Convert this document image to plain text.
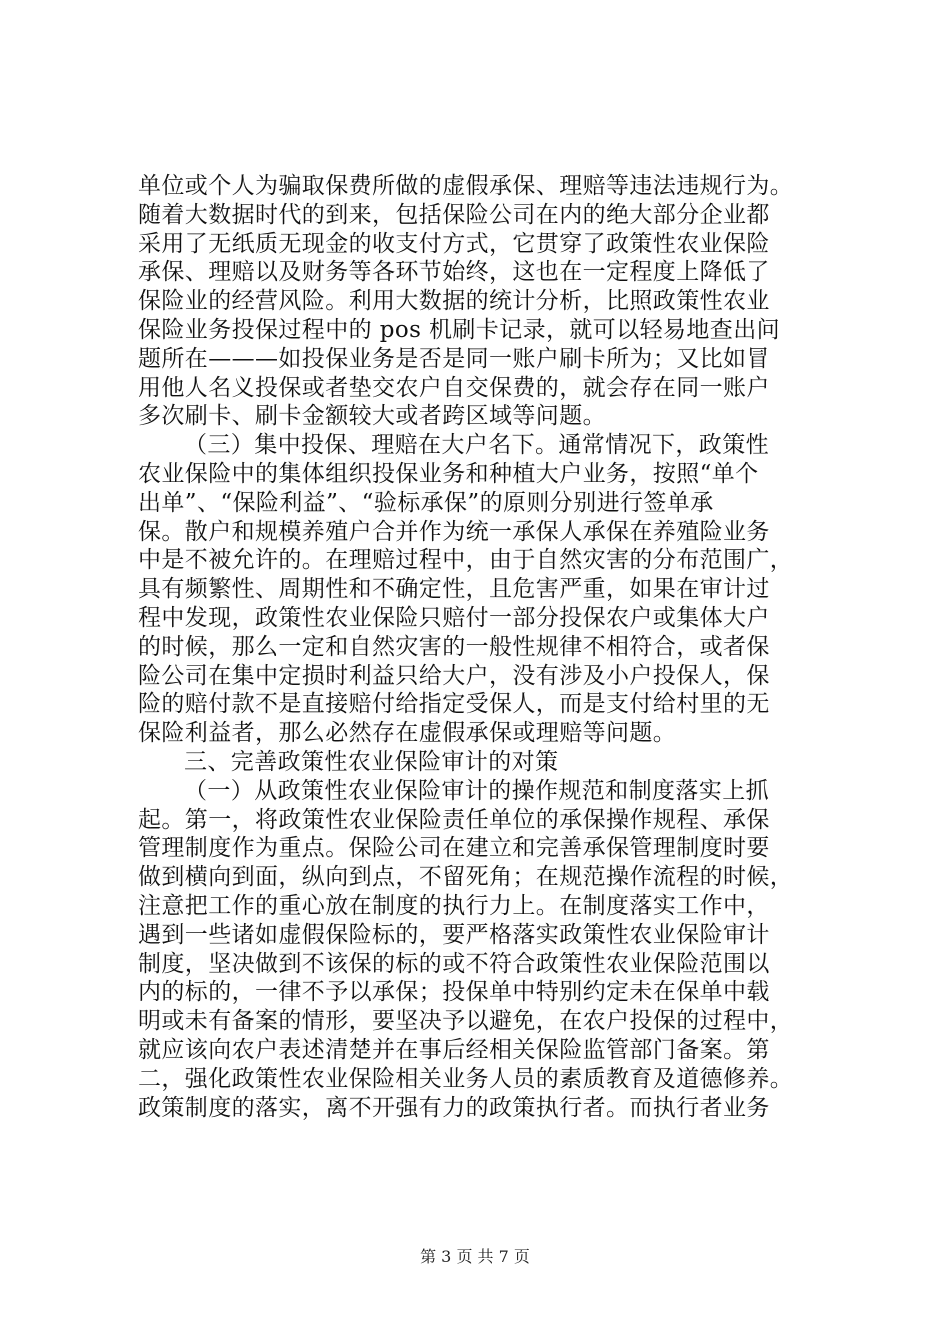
单位或个人为骗取保费所做的虚假承保、理赔等违法违规行为。
随着大数据时代的到来，包括保险公司在内的绝大部分企业都
采用了无纸质无现金的收支付方式，它贯穿了政策性农业保险
承保、理赔以及财务等各环节始终，这也在一定程度上降低了
保险业的经营风险。利用大数据的统计分析，比照政策性农业
保险业务投保过程中的 pos 机刷卡记录，就可以轻易地查出问
题所在———如投保业务是否是同一账户刷卡所为；又比如冒
用他人名义投保或者垫交农户自交保费的，就会存在同一账户
多次刷卡、刷卡金额较大或者跨区域等问题。
（三）集中投保、理赔在大户名下。通常情况下，政策性
农业保险中的集体组织投保业务和种植大户业务，按照“单个
出单”、“保险利益”、“验标承保”的原则分别进行签单承
保。散户和规模养殖户合并作为统一承保人承保在养殖险业务
中是不被允许的。在理赔过程中，由于自然灾害的分布范围广，
具有频繁性、周期性和不确定性，且危害严重，如果在审计过
程中发现，政策性农业保险只赔付一部分投保农户或集体大户
的时候，那么一定和自然灾害的一般性规律不相符合，或者保
险公司在集中定损时利益只给大户，没有涉及小户投保人，保
险的赔付款不是直接赔付给指定受保人，而是支付给村里的无
保险利益者，那么必然存在虚假承保或理赔等问题。
三、完善政策性农业保险审计的对策
（一）从政策性农业保险审计的操作规范和制度落实上抓
起。第一，将政策性农业保险责任单位的承保操作规程、承保
管理制度作为重点。保险公司在建立和完善承保管理制度时要
做到横向到面，纵向到点，不留死角；在规范操作流程的时候，
注意把工作的重心放在制度的执行力上。在制度落实工作中，
遇到一些诸如虚假保险标的，要严格落实政策性农业保险审计
制度，坚决做到不该保的标的或不符合政策性农业保险范围以
内的标的，一律不予以承保；投保单中特别约定未在保单中载
明或未有备案的情形，要坚决予以避免，在农户投保的过程中，
就应该向农户表述清楚并在事后经相关保险监管部门备案。第
二，强化政策性农业保险相关业务人员的素质教育及道德修养。
政策制度的落实，离不开强有力的政策执行者。而执行者业务
第 3 页 共 7 页
